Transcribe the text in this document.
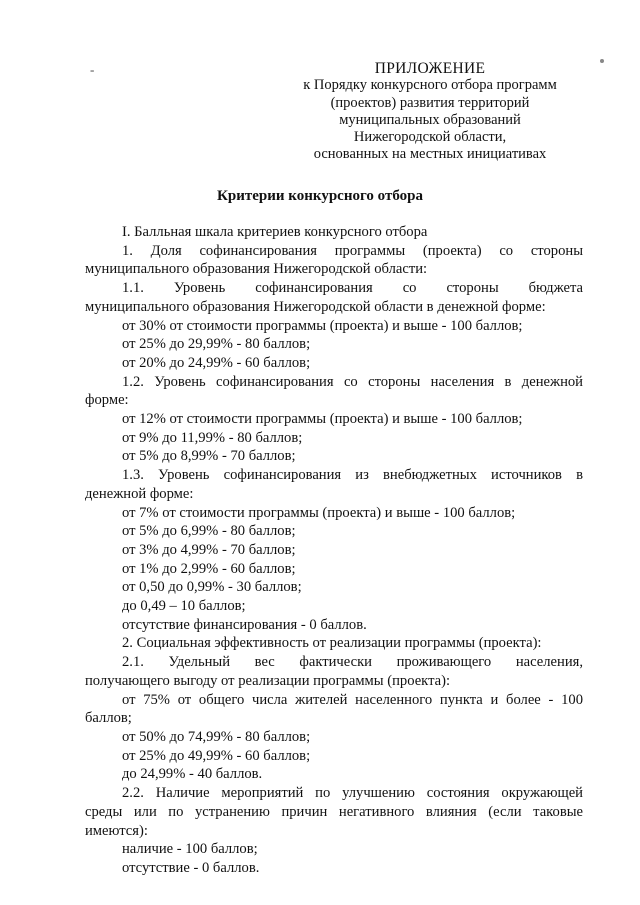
-	ПРИЛОЖЕНИЕ
к Порядку конкурсного отбора программ
(проектов) развития территорий
муниципальных образований
Нижегородской области,
основанных на местных инициативах
Критерии конкурсного отбора

I. Балльная шкала критериев конкурсного отбора

1. Доля софинансирования программы (проекта) со стороны

муниципального образования Нижегородской области:

1.1. Уровень софинансирования со стороны бюджета

муниципального образования Нижегородской области в денежной форме:

от 30% от стоимости программы (проекта) и выше - 100 баллов;

от 25% до 29,99% - 80 баллов;

от 20% до 24,99% - 60 баллов;

1.2. Уровень софинансирования со стороны населения в денежной

форме:

от 12% от стоимости программы (проекта) и выше - 100 баллов;

от 9% до 11,99% - 80 баллов;

от 5% до 8,99% - 70 баллов;

1.3. Уровень софинансирования из внебюджетных источников в

денежной форме:

от 7% от стоимости программы (проекта) и выше - 100 баллов;

от 5% до 6,99% - 80 баллов;

от 3% до 4,99% - 70 баллов;

от 1% до 2,99% - 60 баллов;

от 0,50 до 0,99% - 30 баллов;

до 0,49 – 10 баллов;

отсутствие финансирования - 0 баллов.

2. Социальная эффективность от реализации программы (проекта):

2.1. Удельный вес фактически проживающего населения,

получающего выгоду от реализации программы (проекта):

от 75% от общего числа жителей населенного пункта и более - 100

баллов;

от 50% до 74,99% - 80 баллов;

от 25% до 49,99% - 60 баллов;

до 24,99% - 40 баллов.

2.2. Наличие мероприятий по улучшению состояния окружающей

среды или по устранению причин негативного влияния (если таковые

имеются):

наличие - 100 баллов;

отсутствие - 0 баллов.
